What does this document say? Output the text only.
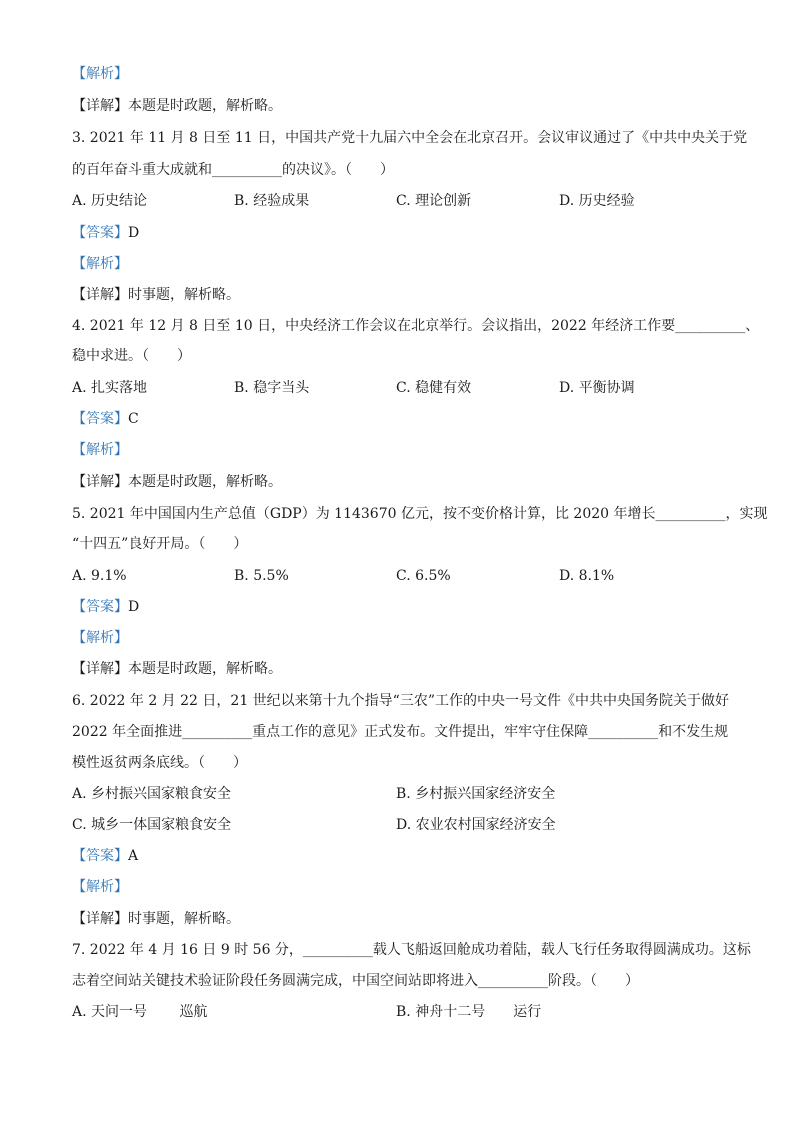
【解析】
【详解】本题是时政题，解析略。
3. 2021 年 11 月 8 日至 11 日，中国共产党十九届六中全会在北京召开。会议审议通过了《中共中央关于党
的百年奋斗重大成就和__________的决议》。（　　）
A. 历史结论	B. 经验成果	C. 理论创新	D. 历史经验
【答案】D
【解析】
【详解】时事题，解析略。
4. 2021 年 12 月 8 日至 10 日，中央经济工作会议在北京举行。会议指出，2022 年经济工作要__________、
稳中求进。（　　）
A. 扎实落地	B. 稳字当头	C. 稳健有效	D. 平衡协调
【答案】C
【解析】
【详解】本题是时政题，解析略。
5. 2021 年中国国内生产总值（GDP）为 1143670 亿元，按不变价格计算，比 2020 年增长__________，实现
“十四五”良好开局。（　　）
A. 9.1%	B. 5.5%	C. 6.5%	D. 8.1%
【答案】D
【解析】
【详解】本题是时政题，解析略。
6. 2022 年 2 月 22 日，21 世纪以来第十九个指导“三农”工作的中央一号文件《中共中央国务院关于做好
2022 年全面推进__________重点工作的意见》正式发布。文件提出，牢牢守住保障__________和不发生规
模性返贫两条底线。（　　）
A. 乡村振兴国家粮食安全	B. 乡村振兴国家经济安全
C. 城乡一体国家粮食安全	D. 农业农村国家经济安全
【答案】A
【解析】
【详解】时事题，解析略。
7. 2022 年 4 月 16 日 9 时 56 分，__________载人飞船返回舱成功着陆，载人飞行任务取得圆满成功。这标
志着空间站关键技术验证阶段任务圆满完成，中国空间站即将进入__________阶段。（　　）
A. 天问一号　　 巡航	B. 神舟十二号　　运行
